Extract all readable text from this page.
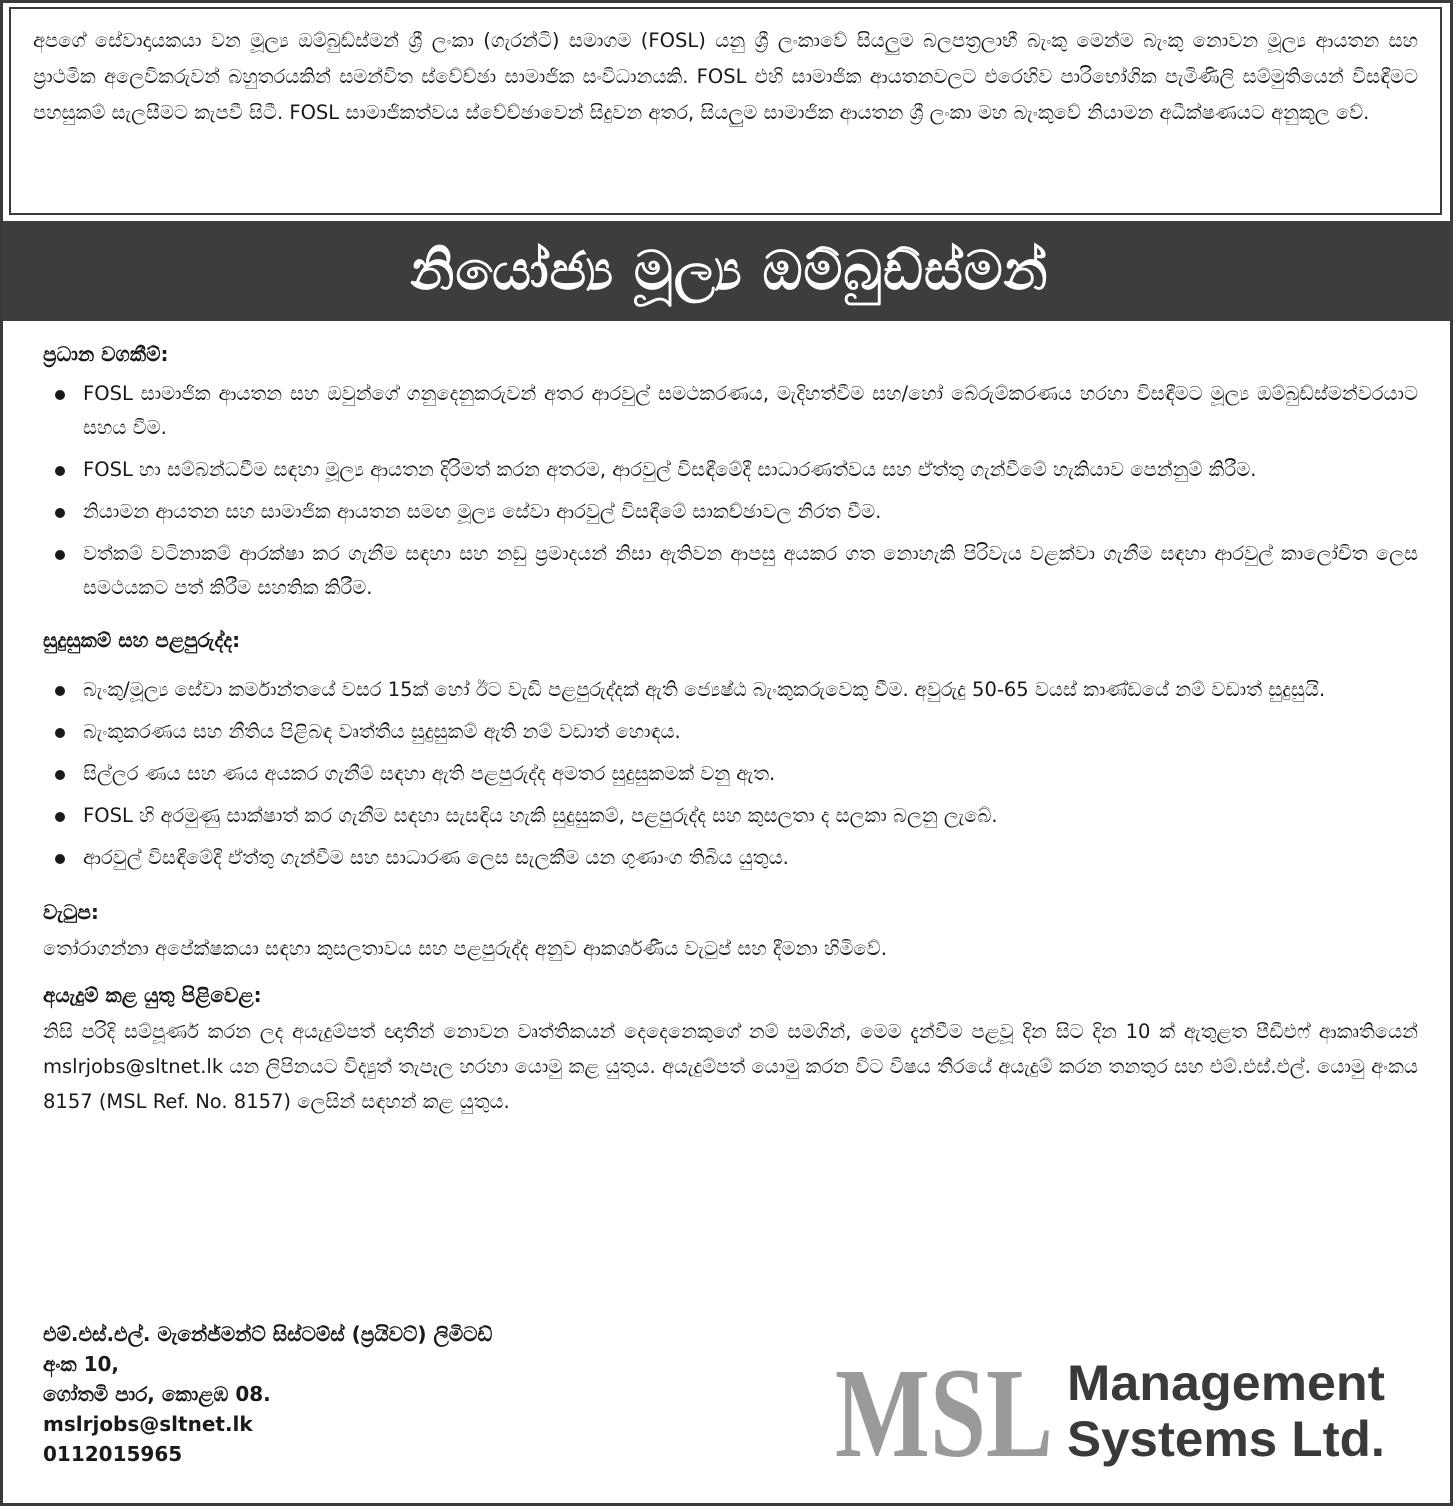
අපගේ සේවාදායකයා වන මූල්‍ය ඔම්බුඩ්ස්මන් ශ්‍රී ලංකා (ගැරන්ටි) සමාගම (FOSL) යනු ශ්‍රී ලංකාවේ සියලුම බලපත්‍රලාභී බැංකු මෙන්ම බැංකු නොවන මූල්‍ය ආයතන සහ ප්‍රාථමික අලෙවිකරුවන් බහුතරයකින් සමන්විත ස්වේච්ඡා සාමාජික සංවිධානයකි. FOSL එහි සාමාජික ආයතනවලට එරෙහිව පාරිභෝගික පැමිණිලි සම්මුතියෙන් විසඳීමට පහසුකම් සැලසීමට කැපවී සිටී. FOSL සාමාජිකත්වය ස්වේච්ඡාවෙන් සිදුවන අතර, සියලුම සාමාජික ආයතන ශ්‍රී ලංකා මහ බැංකුවේ නියාමන අධීක්ෂණයට අනුකූල වේ.
නියෝජ්‍ය මූල්‍ය ඔම්බුඩ්ස්මන්
ප්‍රධාන වගකීම්:
FOSL සාමාජික ආයතන සහ ඔවුන්ගේ ගනුදෙනුකරුවන් අතර ආරවුල් සමථකරණය, මැදිහත්වීම සහ/හෝ බේරුම්කරණය හරහා විසඳීමට මූල්‍ය ඔම්බුඩ්ස්මන්වරයාට සහය වීම.
FOSL හා සම්බන්ධවීම සඳහා මූල්‍ය ආයතන දිරිමත් කරන අතරම, ආරවුල් විසඳීමේදී සාධාරණත්වය සහ ඒත්තු ගැන්වීමේ හැකියාව පෙන්නුම් කිරීම.
නියාමන ආයතන සහ සාමාජික ආයතන සමඟ මූල්‍ය සේවා ආරවුල් විසඳීමේ සාකච්ඡාවල නිරත වීම.
වත්කම් වටිනාකම් ආරක්ෂා කර ගැනීම සඳහා සහ නඩු ප්‍රමාදයන් නිසා ඇතිවන ආපසු අයකර ගත නොහැකි පිරිවැය වළක්වා ගැනීම සඳහා ආරවුල් කාලෝචිත ලෙස සමථයකට පත් කිරීම සහතික කිරීම.
සුදුසුකම් සහ පළපුරුද්ද:
බැංකු/මූල්‍ය සේවා කර්මාන්තයේ වසර 15ක් හෝ ඊට වැඩි පළපුරුද්දක් ඇති ජ්‍යෙෂ්ඨ බැංකුකරුවෙකු වීම. අවුරුදු 50-65 වයස් කාණ්ඩයේ නම් වඩාත් සුදුසුයි.
බැංකුකරණය සහ නීතිය පිළිබඳ වෘත්තීය සුදුසුකම් ඇති නම් වඩාත් හොඳය.
සිල්ලර ණය සහ ණය අයකර ගැනීම් සඳහා ඇති පළපුරුද්ද අමතර සුදුසුකමක් වනු ඇත.
FOSL හි අරමුණු සාක්ෂාත් කර ගැනීම සඳහා සැසඳිය හැකි සුදුසුකම්, පළපුරුද්ද සහ කුසලතා ද සලකා බලනු ලැබේ.
ආරවුල් විසඳීමේදී ඒත්තු ගැන්වීම සහ සාධාරණ ලෙස සැලකීම යන ගුණාංග තිබිය යුතුය.
වැටුප:
තෝරාගන්නා අපේක්ෂකයා සඳහා කුසලතාවය සහ පළපුරුද්ද අනුව ආකර්ශණීය වැටුප් සහ දීමනා හිමිවේ.
අයැදුම් කළ යුතු පිළිවෙළ:
නිසි පරිදි සම්පූර්ණ කරන ලද අයැදුම්පත් ඥාතීන් නොවන වෘත්තිකයන් දෙදෙනෙකුගේ නම් සමගින්, මෙම දැන්වීම පළවූ දින සිට දින 10 ක් ඇතුළත පීඩීඑෆ් ආකෘතියෙන් mslrjobs@sltnet.lk යන ලිපිනයට විද්‍යුත් තැපෑල හරහා යොමු කළ යුතුය. අයැදුම්පත් යොමු කරන විට විෂය තීරයේ අයැදුම් කරන තනතුර සහ එම්.එස්.එල්. යොමු අංකය 8157 (MSL Ref. No. 8157) ලෙසින් සඳහන් කළ යුතුය.
එම්.එස්.එල්. මැනේජ්මන්ට් සිස්ටම්ස් (ප්‍රයිවට්) ලිමිටඩ්
අංක 10,
ගෝතමි පාර, කොළඹ 08.
mslrjobs@sltnet.lk
0112015965	MSL Management
Systems Ltd.
